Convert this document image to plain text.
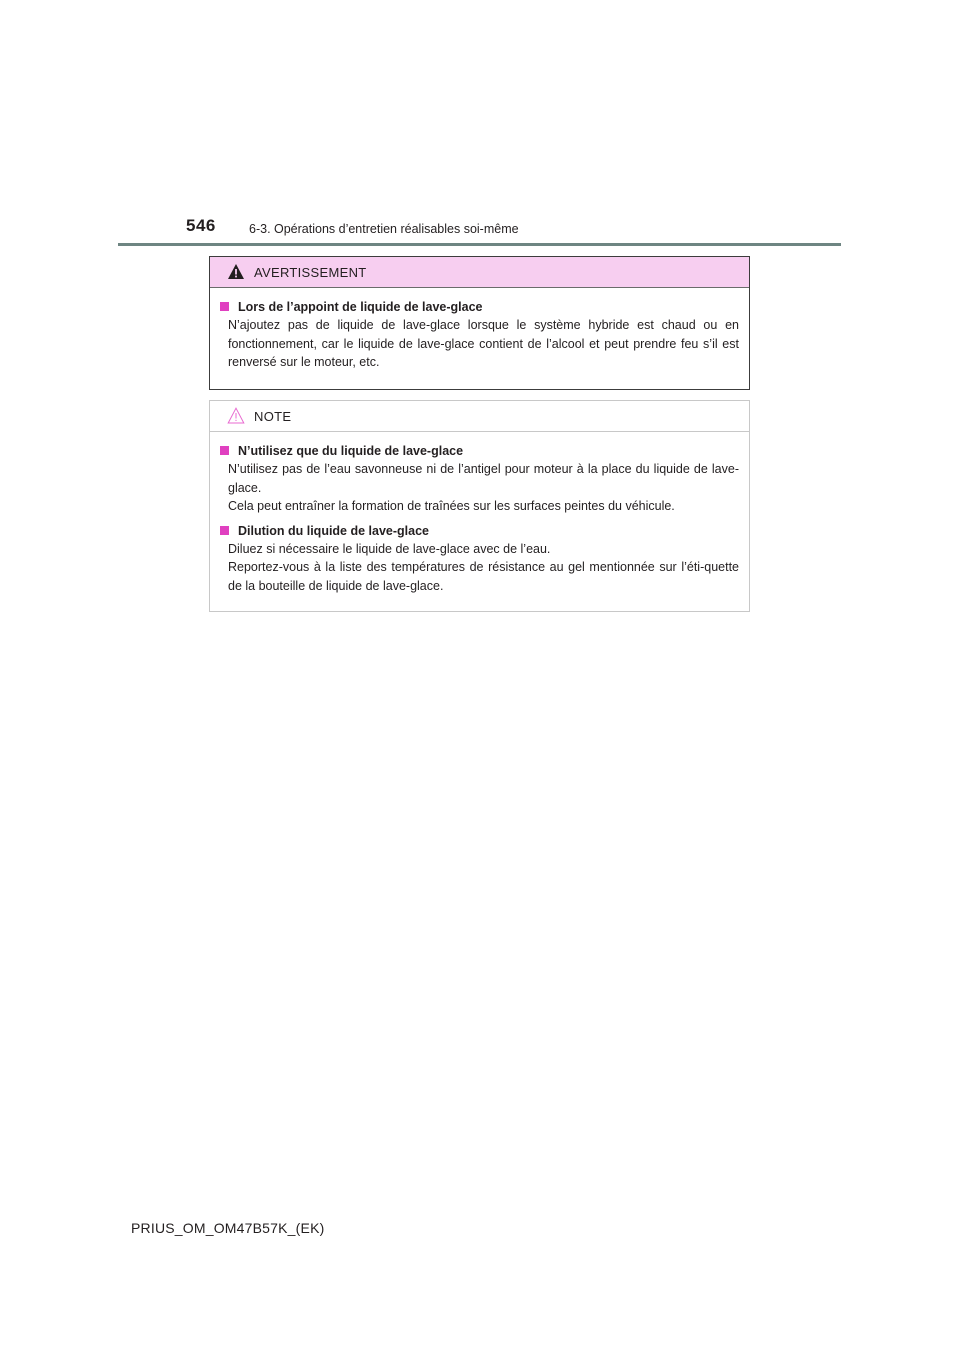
546	6-3. Opérations d’entretien réalisables soi-même
AVERTISSEMENT
Lors de l’appoint de liquide de lave-glace

N’ajoutez pas de liquide de lave-glace lorsque le système hybride est chaud ou en fonctionnement, car le liquide de lave-glace contient de l’alcool et peut prendre feu s’il est renversé sur le moteur, etc.

NOTE
N’utilisez que du liquide de lave-glace

N’utilisez pas de l’eau savonneuse ni de l’antigel pour moteur à la place du liquide de lave-glace.

Cela peut entraîner la formation de traînées sur les surfaces peintes du véhicule.

Dilution du liquide de lave-glace

Diluez si nécessaire le liquide de lave-glace avec de l’eau.

Reportez-vous à la liste des températures de résistance au gel mentionnée sur l’éti-quette de la bouteille de liquide de lave-glace.

PRIUS_OM_OM47B57K_(EK)
